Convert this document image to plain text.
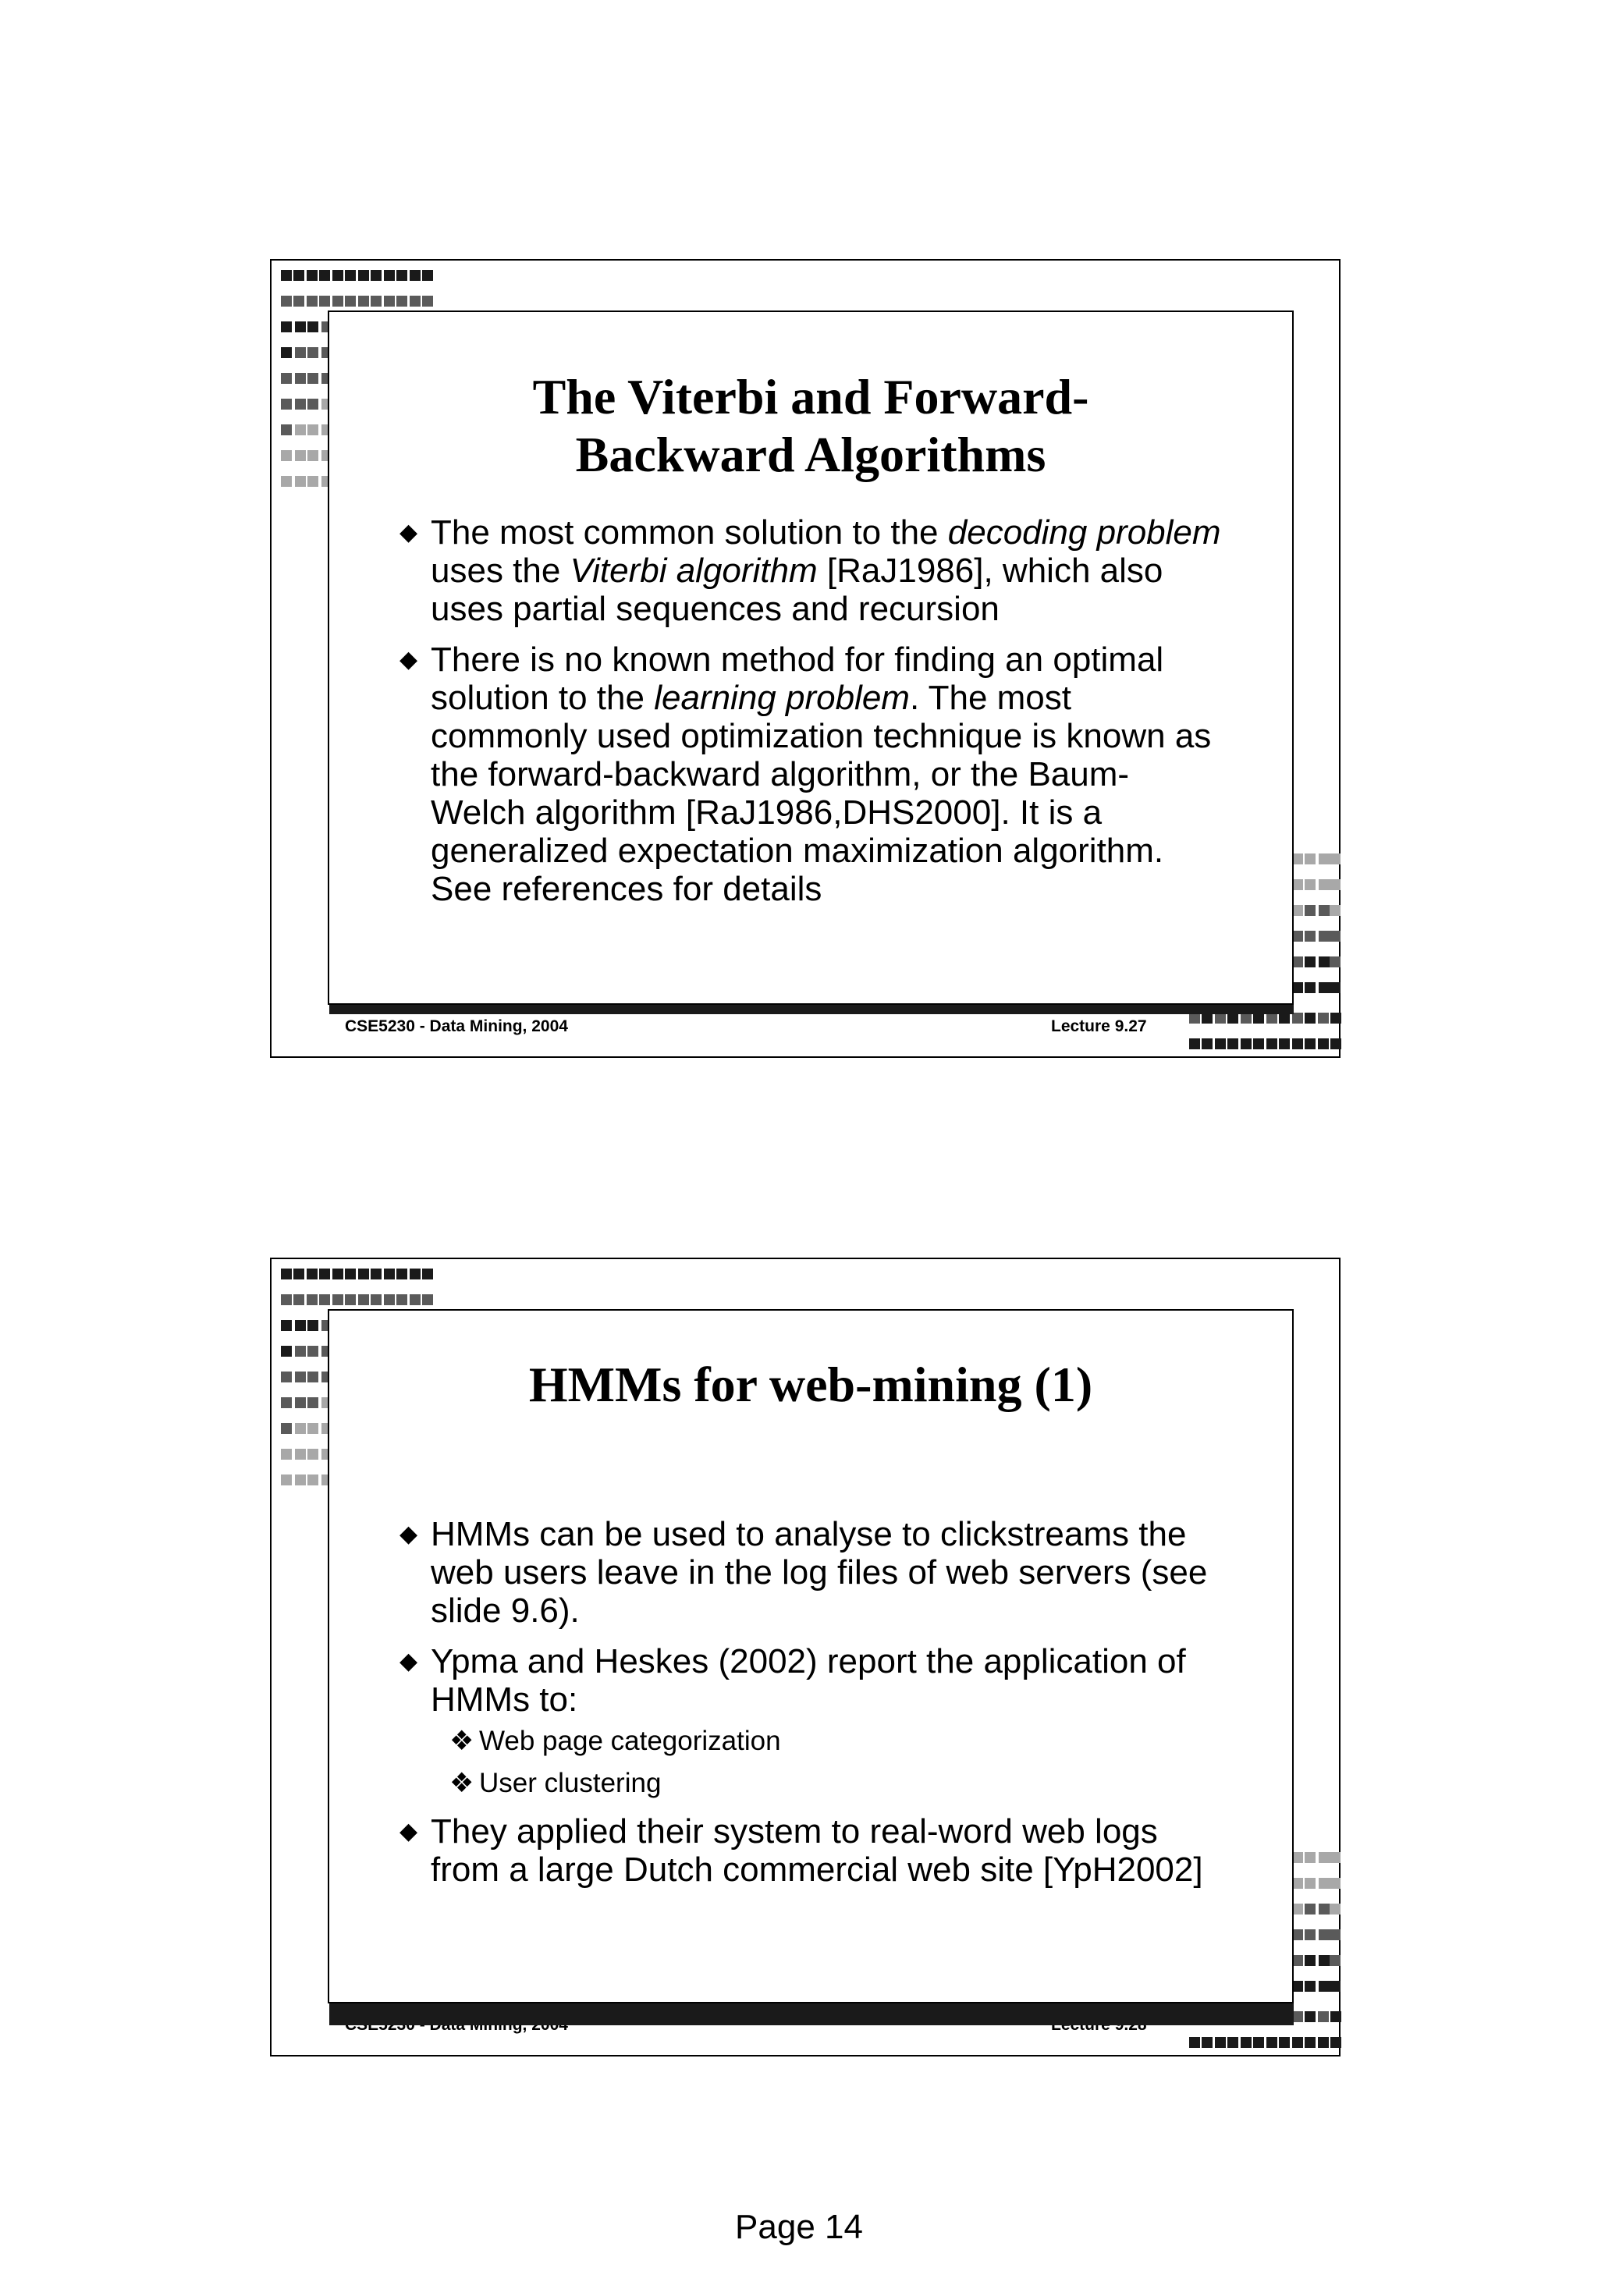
The Viterbi and Forward-
Backward Algorithms
◆ The most common solution to the decoding problem uses the Viterbi algorithm [RaJ1986], which also uses partial sequences and recursion
◆ There is no known method for finding an optimal solution to the learning problem. The most commonly used optimization technique is known as the forward-backward algorithm, or the Baum-Welch algorithm [RaJ1986,DHS2000]. It is a generalized expectation maximization algorithm. See references for details
CSE5230 - Data Mining, 2004	Lecture 9.27
HMMs for web-mining (1)
◆ HMMs can be used to analyse to clickstreams the web users leave in the log files of web servers (see slide 9.6).
◆ Ypma and Heskes (2002) report the application of HMMs to:
❖ Web page categorization
❖ User clustering
◆ They applied their system to real-word web logs from a large Dutch commercial web site [YpH2002]
Page 14
